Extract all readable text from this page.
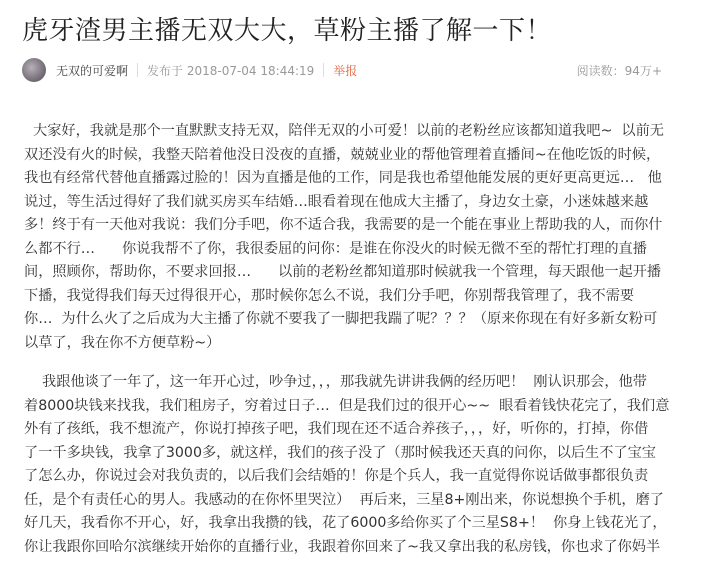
虎牙渣男主播无双大大，草粉主播了解一下！
无双的可爱啊 发布于 2018-07-04 18:44:19 举报	阅读数：94万+

大家好，我就是那个一直默默支持无双，陪伴无双的小可爱！以前的老粉丝应该都知道我吧~  以前无
双还没有火的时候，我整天陪着他没日没夜的直播，兢兢业业的帮他管理着直播间~在他吃饭的时候，
我也有经常代替他直播露过脸的！因为直播是他的工作，同是我也希望他能发展的更好更高更远…   他
说过，等生活过得好了我们就买房买车结婚…眼看着现在他成大主播了，身边女土豪，小迷妹越来越
多！终于有一天他对我说：我们分手吧，你不适合我，我需要的是一个能在事业上帮助我的人，而你什
么都不行…      你说我帮不了你，我很委屈的问你：是谁在你没火的时候无微不至的帮忙打理的直播
间，照顾你，帮助你，不要求回报…      以前的老粉丝都知道那时候就我一个管理，每天跟他一起开播
下播，我觉得我们每天过得很开心，那时候你怎么不说，我们分手吧，你别帮我管理了，我不需要
你…  为什么火了之后成为大主播了你就不要我了一脚把我踹了呢？？？（原来你现在有好多新女粉可
以草了，我在你不方便草粉~）

我跟他谈了一年了，这一年开心过，吵争过，，，那我就先讲讲我俩的经历吧！  刚认识那会，他带
着8000块钱来找我，我们租房子，穷着过日子…  但是我们过的很开心~~  眼看着钱快花完了，我们意
外有了孩纸，我不想流产，你说打掉孩子吧，我们现在还不适合养孩子，，，好，听你的，打掉，你借
了一千多块钱，我拿了3000多，就这样，我们的孩子没了（那时候我还天真的问你，以后生不了宝宝
了怎么办，你说过会对我负责的，以后我们会结婚的！你是个兵人，我一直觉得你说话做事都很负责
任，是个有责任心的男人。我感动的在你怀里哭泣）  再后来，三星8+刚出来，你说想换个手机，磨了
好几天，我看你不开心，好，我拿出我攒的钱，花了6000多给你买了个三星S8+！  你身上钱花光了，
你让我跟你回哈尔滨继续开始你的直播行业，我跟着你回来了~我又拿出我的私房钱，你也求了你妈半
